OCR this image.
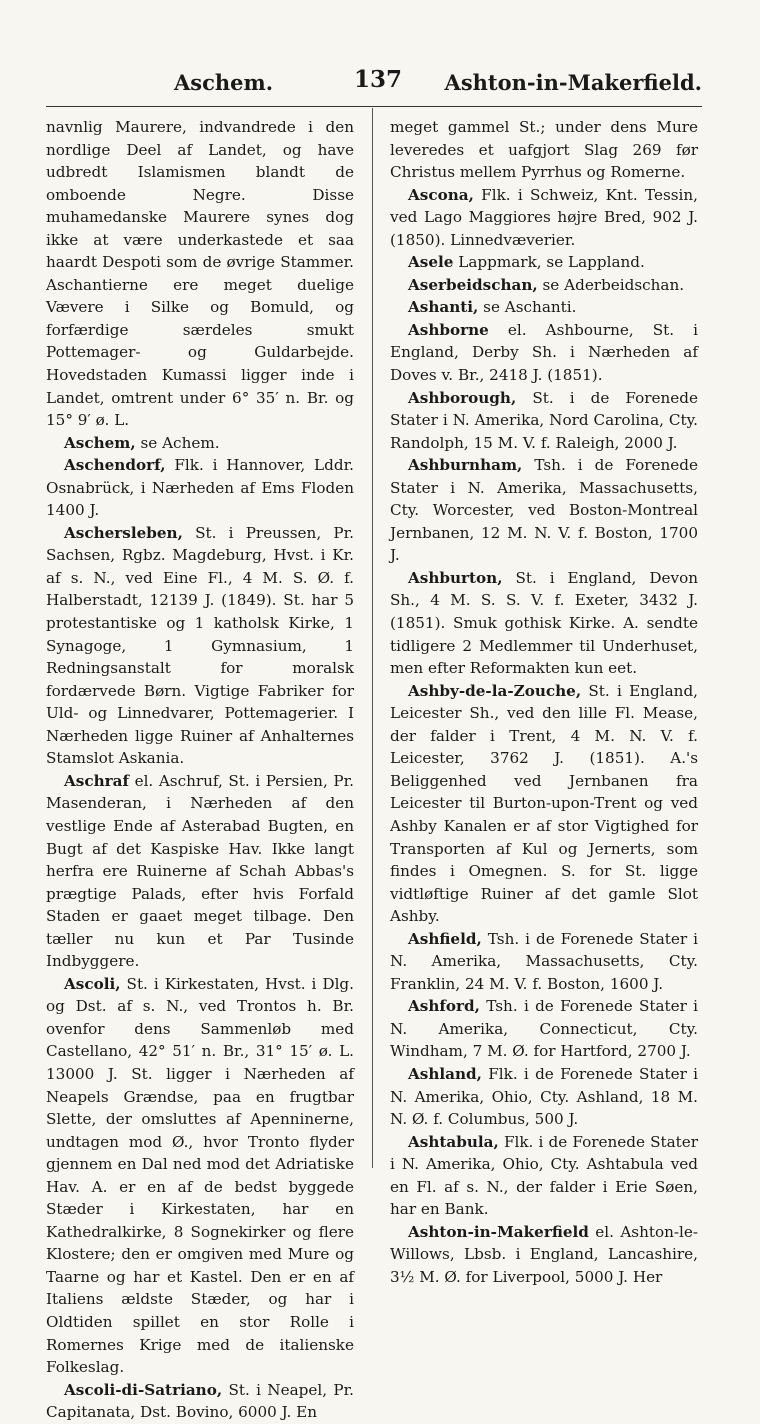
Aschem.	137 Ashton-in-Makerfield.

navnlig Maurere, indvandrede i den nordlige Deel af Landet, og have udbredt Islamismen blandt de omboende Negre. Disse muhamedanske Maurere synes dog ikke at være underkastede et saa haardt Despoti som de øvrige Stammer. Aschantierne ere meget duelige Vævere i Silke og Bomuld, og forfærdige særdeles smukt Pottemager- og Guldarbejde. Hovedstaden Kumassi ligger inde i Landet, omtrent under 6° 35′ n. Br. og 15° 9′ ø. L.

Aschem, se Achem.

Aschendorf, Flk. i Hannover, Lddr. Osnabrück, i Nærheden af Ems Floden 1400 J.

Aschersleben, St. i Preussen, Pr. Sachsen, Rgbz. Magdeburg, Hvst. i Kr. af s. N., ved Eine Fl., 4 M. S. Ø. f. Halberstadt, 12139 J. (1849). St. har 5 protestantiske og 1 katholsk Kirke, 1 Synagoge, 1 Gymnasium, 1 Redningsanstalt for moralsk fordærvede Børn. Vigtige Fabriker for Uld- og Linnedvarer, Pottemagerier. I Nærheden ligge Ruiner af Anhalternes Stamslot Askania.

Aschraf el. Aschruf, St. i Persien, Pr. Masenderan, i Nærheden af den vestlige Ende af Asterabad Bugten, en Bugt af det Kaspiske Hav. Ikke langt herfra ere Ruinerne af Schah Abbas's prægtige Palads, efter hvis Forfald Staden er gaaet meget tilbage. Den tæller nu kun et Par Tusinde Indbyggere.

Ascoli, St. i Kirkestaten, Hvst. i Dlg. og Dst. af s. N., ved Trontos h. Br. ovenfor dens Sammenløb med Castellano, 42° 51′ n. Br., 31° 15′ ø. L. 13000 J. St. ligger i Nærheden af Neapels Grændse, paa en frugtbar Slette, der omsluttes af Apenninerne, undtagen mod Ø., hvor Tronto flyder gjennem en Dal ned mod det Adriatiske Hav. A. er en af de bedst byggede Stæder i Kirkestaten, har en Kathedralkirke, 8 Sognekirker og flere Klostere; den er omgiven med Mure og Taarne og har et Kastel. Den er en af Italiens ældste Stæder, og har i Oldtiden spillet en stor Rolle i Romernes Krige med de italienske Folkeslag.

Ascoli-di-Satriano, St. i Neapel, Pr. Capitanata, Dst. Bovino, 6000 J. En

meget gammel St.; under dens Mure leveredes et uafgjort Slag 269 før Christus mellem Pyrrhus og Romerne.

Ascona, Flk. i Schweiz, Knt. Tessin, ved Lago Maggiores højre Bred, 902 J. (1850). Linnedvæverier.

Asele Lappmark, se Lappland.

Aserbeidschan, se Aderbeidschan.

Ashanti, se Aschanti.

Ashborne el. Ashbourne, St. i England, Derby Sh. i Nærheden af Doves v. Br., 2418 J. (1851).

Ashborough, St. i de Forenede Stater i N. Amerika, Nord Carolina, Cty. Randolph, 15 M. V. f. Raleigh, 2000 J.

Ashburnham, Tsh. i de Forenede Stater i N. Amerika, Massachusetts, Cty. Worcester, ved Boston-Montreal Jernbanen, 12 M. N. V. f. Boston, 1700 J.

Ashburton, St. i England, Devon Sh., 4 M. S. S. V. f. Exeter, 3432 J. (1851). Smuk gothisk Kirke. A. sendte tidligere 2 Medlemmer til Underhuset, men efter Reformakten kun eet.

Ashby-de-la-Zouche, St. i England, Leicester Sh., ved den lille Fl. Mease, der falder i Trent, 4 M. N. V. f. Leicester, 3762 J. (1851). A.'s Beliggenhed ved Jernbanen fra Leicester til Burton-upon-Trent og ved Ashby Kanalen er af stor Vigtighed for Transporten af Kul og Jernerts, som findes i Omegnen. S. for St. ligge vidtløftige Ruiner af det gamle Slot Ashby.

Ashfield, Tsh. i de Forenede Stater i N. Amerika, Massachusetts, Cty. Franklin, 24 M. V. f. Boston, 1600 J.

Ashford, Tsh. i de Forenede Stater i N. Amerika, Connecticut, Cty. Windham, 7 M. Ø. for Hartford, 2700 J.

Ashland, Flk. i de Forenede Stater i N. Amerika, Ohio, Cty. Ashland, 18 M. N. Ø. f. Columbus, 500 J.

Ashtabula, Flk. i de Forenede Stater i N. Amerika, Ohio, Cty. Ashtabula ved en Fl. af s. N., der falder i Erie Søen, har en Bank.

Ashton-in-Makerfield el. Ashton-le-Willows, Lbsb. i England, Lancashire, 3½ M. Ø. for Liverpool, 5000 J. Her
